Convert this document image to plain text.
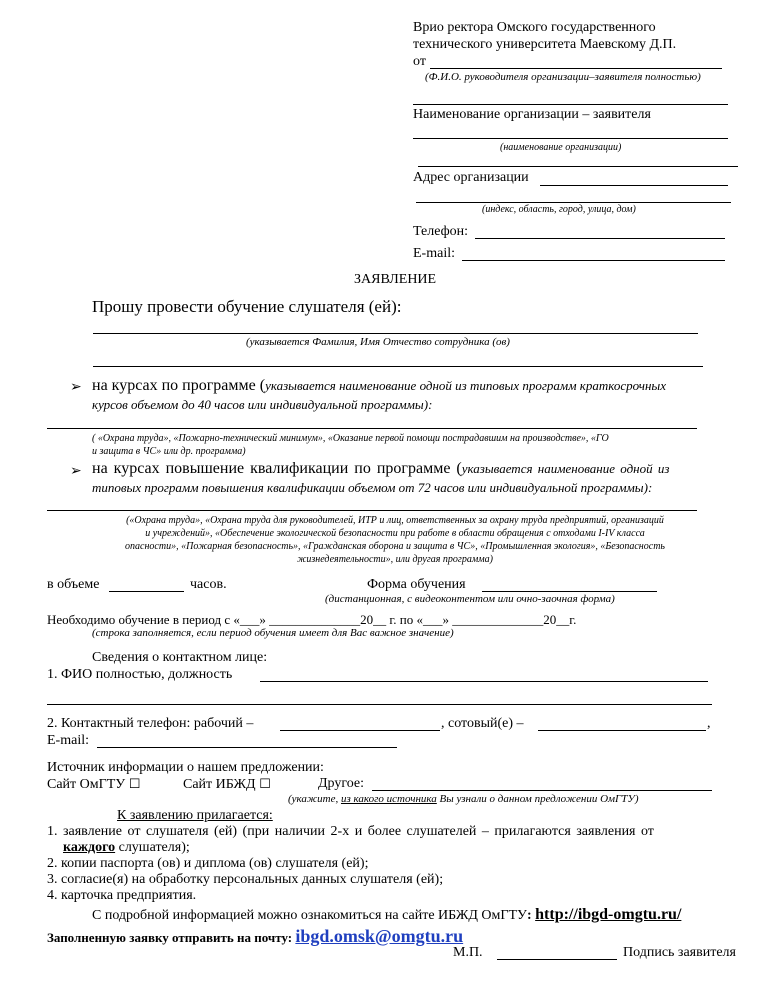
Врио ректора Омского государственного
технического университета Маевскому Д.П.
от
(Ф.И.О. руководителя организации–заявителя полностью)
Наименование организации – заявителя
(наименование организации)
Адрес организации
(индекс, область, город, улица, дом)
Телефон:
E-mail:
ЗАЯВЛЕНИЕ
Прошу провести обучение слушателя (ей):
(указывается Фамилия, Имя Отчество сотрудника (ов)
➢ на курсах по программе (указывается наименование одной из типовых программ краткосрочных
курсов объемом до 40 часов или индивидуальной программы):
( «Охрана труда», «Пожарно-технический минимум», «Оказание первой помощи пострадавшим на производстве», «ГО
и защита в ЧС» или др. программа)
➢ на курсах повышение квалификации по программе (указывается наименование одной из
типовых программ повышения квалификации объемом от 72 часов или индивидуальной программы):
(«Охрана труда», «Охрана труда для руководителей, ИТР и лиц, ответственных за охрану труда предприятий, организаций
и учреждений», «Обеспечение экологической безопасности при работе в области обращения с отходами I-IV класса
опасности», «Пожарная безопасность», «Гражданская оборона и защита в ЧС», «Промышленная экология», «Безопасность
жизнедеятельности», или другая программа)
в объеме	часов.	Форма обучения
(дистанционная, с видеоконтентом или очно-заочная форма)
Необходимо обучение в период с «___» ______________20__ г. по «___» ______________20__г.
(строка заполняется, если период обучения имеет для Вас важное значение)
Сведения о контактном лице:
1. ФИО полностью, должность
2. Контактный телефон: рабочий –	, сотовый(е) –	,
E-mail:
Источник информации о нашем предложении:
Сайт ОмГТУ ☐	Сайт ИБЖД ☐	Другое:
(укажите, из какого источника Вы узнали о данном предложении ОмГТУ)
К заявлению прилагается:
1. заявление от слушателя (ей) (при наличии 2-х и более слушателей – прилагаются заявления от
каждого слушателя);
2. копии паспорта (ов) и диплома (ов) слушателя (ей);
3. согласие(я) на обработку персональных данных слушателя (ей);
4. карточка предприятия.
С подробной информацией можно ознакомиться на сайте ИБЖД ОмГТУ: http://ibgd-omgtu.ru/
Заполненную заявку отправить на почту: ibgd.omsk@omgtu.ru
М.П.	Подпись заявителя
